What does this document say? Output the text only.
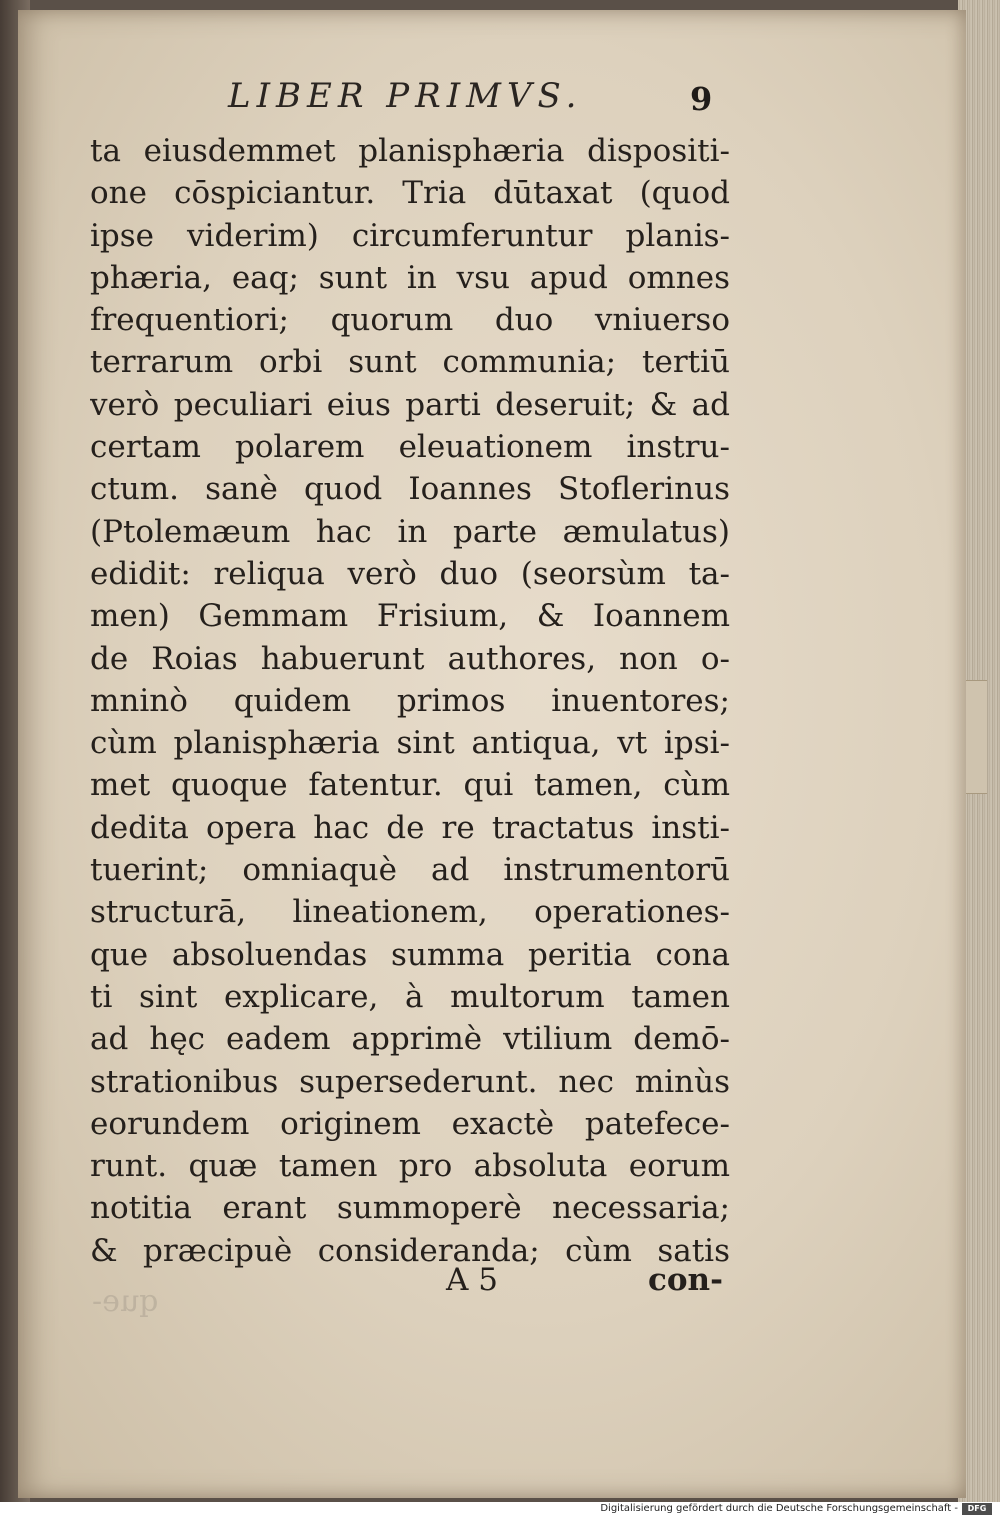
LIBER PRIMVS.	9
ta eiusdemmet planisphæria dispositi-
one cōspiciantur. Tria dūtaxat (quod
ipse viderim) circumferuntur planis-
phæria, eaq; sunt in vsu apud omnes
frequentiori; quorum duo vniuerso
terrarum orbi sunt communia; tertiū
verò peculiari eius parti deseruit; & ad
certam polarem eleuationem instru-
ctum. sanè quod Ioannes Stoflerinus
(Ptolemæum hac in parte æmulatus)
edidit: reliqua verò duo (seorsùm ta-
men) Gemmam Frisium, & Ioannem
de Roias habuerunt authores, non o-
mninò quidem primos inuentores;
cùm planisphæria sint antiqua, vt ipsi-
met quoque fatentur. qui tamen, cùm
dedita opera hac de re tractatus insti-
tuerint; omniaquè ad instrumentorū
structurā, lineationem, operationes-
que absoluendas summa peritia cona
ti sint explicare, à multorum tamen
ad hęc eadem apprimè vtilium demō-
strationibus supersederunt. nec minùs
eorundem originem exactè patefece-
runt. quæ tamen pro absoluta eorum
notitia erant summoperè necessaria;
& præcipuè consideranda; cùm satis
A 5	con-
que-
Digitalisierung gefördert durch die Deutsche Forschungsgemeinschaft -	DFG
